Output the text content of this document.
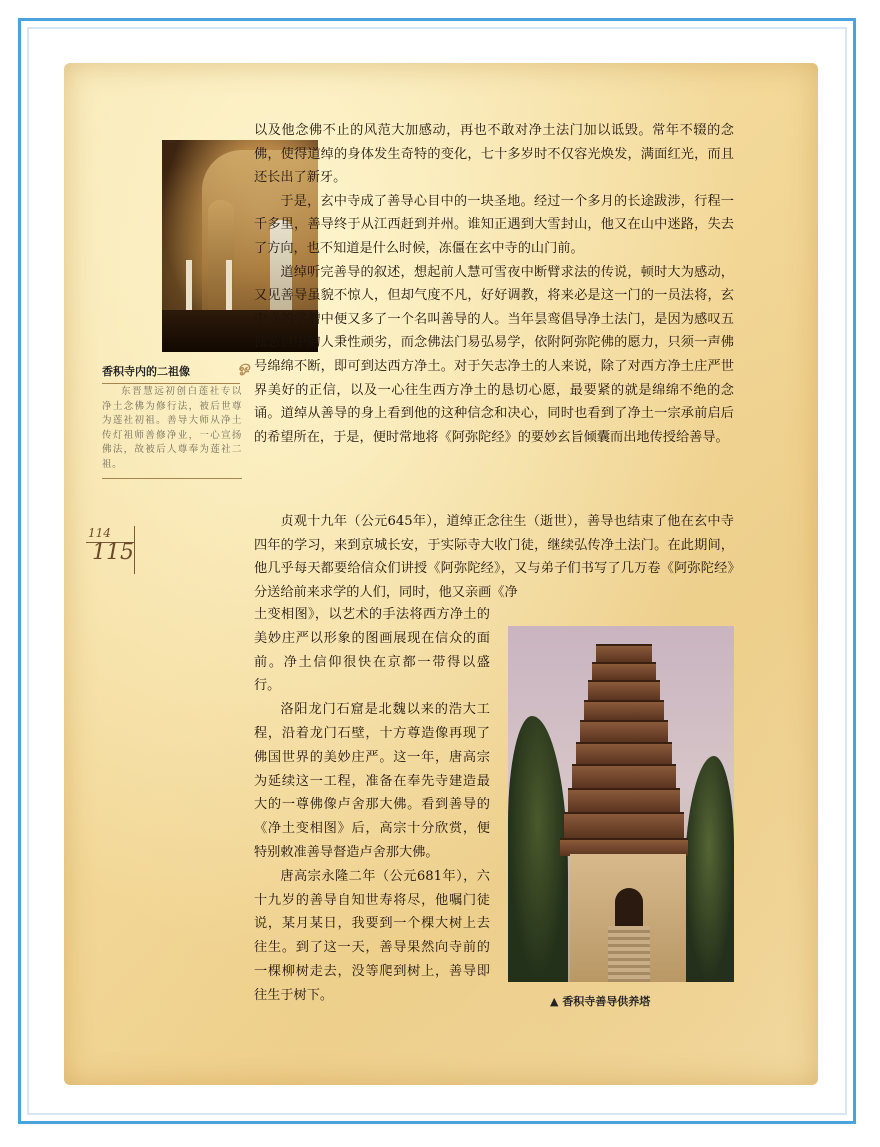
香积寺内的二祖像	ஓ
东晋慧远初创白莲社专以净土念佛为修行法，被后世尊为莲社初祖。善导大师从净土传灯祖师善修净业，一心宣扬佛法，故被后人尊奉为莲社二祖。
114
115

以及他念佛不止的风范大加感动，再也不敢对净土法门加以诋毁。常年不辍的念佛，使得道绰的身体发生奇特的变化，七十多岁时不仅容光焕发，满面红光，而且还长出了新牙。

于是，玄中寺成了善导心目中的一块圣地。经过一个多月的长途跋涉，行程一千多里，善导终于从江西赶到并州。谁知正遇到大雪封山，他又在山中迷路，失去了方向，也不知道是什么时候，冻僵在玄中寺的山门前。

道绰听完善导的叙述，想起前人慧可雪夜中断臂求法的传说，顿时大为感动，又见善导虽貌不惊人，但却气度不凡，好好调教，将来必是这一门的一员法将，玄中寺的学僧中便又多了一个名叫善导的人。当年昙鸾倡导净土法门，是因为感叹五浊恶世中的人秉性顽劣，而念佛法门易弘易学，依附阿弥陀佛的愿力，只须一声佛号绵绵不断，即可到达西方净土。对于矢志净土的人来说，除了对西方净土庄严世界美好的正信，以及一心往生西方净土的恳切心愿，最要紧的就是绵绵不绝的念诵。道绰从善导的身上看到他的这种信念和决心，同时也看到了净土一宗承前启后的希望所在，于是，便时常地将《阿弥陀经》的要妙玄旨倾囊而出地传授给善导。

贞观十九年（公元645年），道绰正念往生（逝世），善导也结束了他在玄中寺四年的学习，来到京城长安，于实际寺大收门徒，继续弘传净土法门。在此期间，他几乎每天都要给信众们讲授《阿弥陀经》，又与弟子们书写了几万卷《阿弥陀经》分送给前来求学的人们，同时，他又亲画《净

土变相图》，以艺术的手法将西方净土的美妙庄严以形象的图画展现在信众的面前。净土信仰很快在京都一带得以盛行。

洛阳龙门石窟是北魏以来的浩大工程，沿着龙门石壁，十方尊造像再现了佛国世界的美妙庄严。这一年，唐高宗为延续这一工程，准备在奉先寺建造最大的一尊佛像卢舍那大佛。看到善导的《净土变相图》后，高宗十分欣赏，便特别敕准善导督造卢舍那大佛。

唐高宗永隆二年（公元681年），六十九岁的善导自知世寿将尽，他嘱门徒说，某月某日，我要到一个棵大树上去往生。到了这一天，善导果然向寺前的一棵柳树走去，没等爬到树上，善导即往生于树下。	▲ 香积寺善导供养塔
